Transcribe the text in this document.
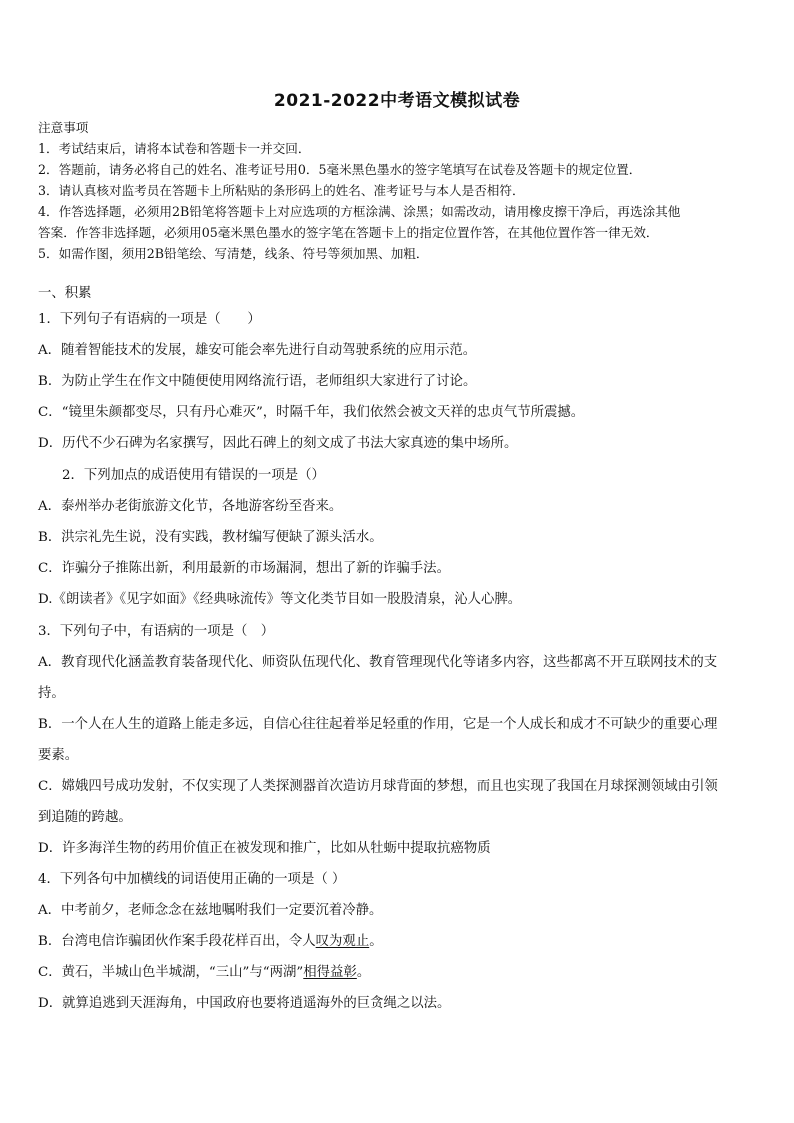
2021-2022中考语文模拟试卷
注意事项
1．考试结束后，请将本试卷和答题卡一并交回．
2．答题前，请务必将自己的姓名、准考证号用0．5毫米黑色墨水的签字笔填写在试卷及答题卡的规定位置．
3．请认真核对监考员在答题卡上所粘贴的条形码上的姓名、准考证号与本人是否相符．
4．作答选择题，必须用2B铅笔将答题卡上对应选项的方框涂满、涂黑；如需改动，请用橡皮擦干净后，再选涂其他
答案．作答非选择题，必须用05毫米黑色墨水的签字笔在答题卡上的指定位置作答，在其他位置作答一律无效．
5．如需作图，须用2B铅笔绘、写清楚，线条、符号等须加黑、加粗．
一、积累
1．下列句子有语病的一项是（　　）
A．随着智能技术的发展，雄安可能会率先进行自动驾驶系统的应用示范。
B．为防止学生在作文中随便使用网络流行语，老师组织大家进行了讨论。
C．“镜里朱颜都变尽，只有丹心难灭”，时隔千年，我们依然会被文天祥的忠贞气节所震撼。
D．历代不少石碑为名家撰写，因此石碑上的刻文成了书法大家真迹的集中场所。
2．下列加点的成语使用有错误的一项是（）
A．泰州举办老街旅游文化节，各地游客纷至沓来。
B．洪宗礼先生说，没有实践，教材编写便缺了源头活水。
C．诈骗分子推陈出新，利用最新的市场漏洞，想出了新的诈骗手法。
D.《朗读者》《见字如面》《经典咏流传》等文化类节目如一股股清泉，沁人心脾。
3．下列句子中，有语病的一项是（　）
A．教育现代化涵盖教育装备现代化、师资队伍现代化、教育管理现代化等诸多内容，这些都离不开互联网技术的支
持。
B．一个人在人生的道路上能走多远，自信心往往起着举足轻重的作用，它是一个人成长和成才不可缺少的重要心理
要素。
C．嫦娥四号成功发射，不仅实现了人类探测器首次造访月球背面的梦想，而且也实现了我国在月球探测领域由引领
到追随的跨越。
D．许多海洋生物的药用价值正在被发现和推广，比如从牡蛎中提取抗癌物质
4．下列各句中加横线的词语使用正确的一项是（ ）
A．中考前夕，老师念念在兹地嘱咐我们一定要沉着冷静。
B．台湾电信诈骗团伙作案手段花样百出，令人叹为观止。
C．黄石，半城山色半城湖，“三山”与“两湖”相得益彰。
D．就算追逃到天涯海角，中国政府也要将逍遥海外的巨贪绳之以法。
